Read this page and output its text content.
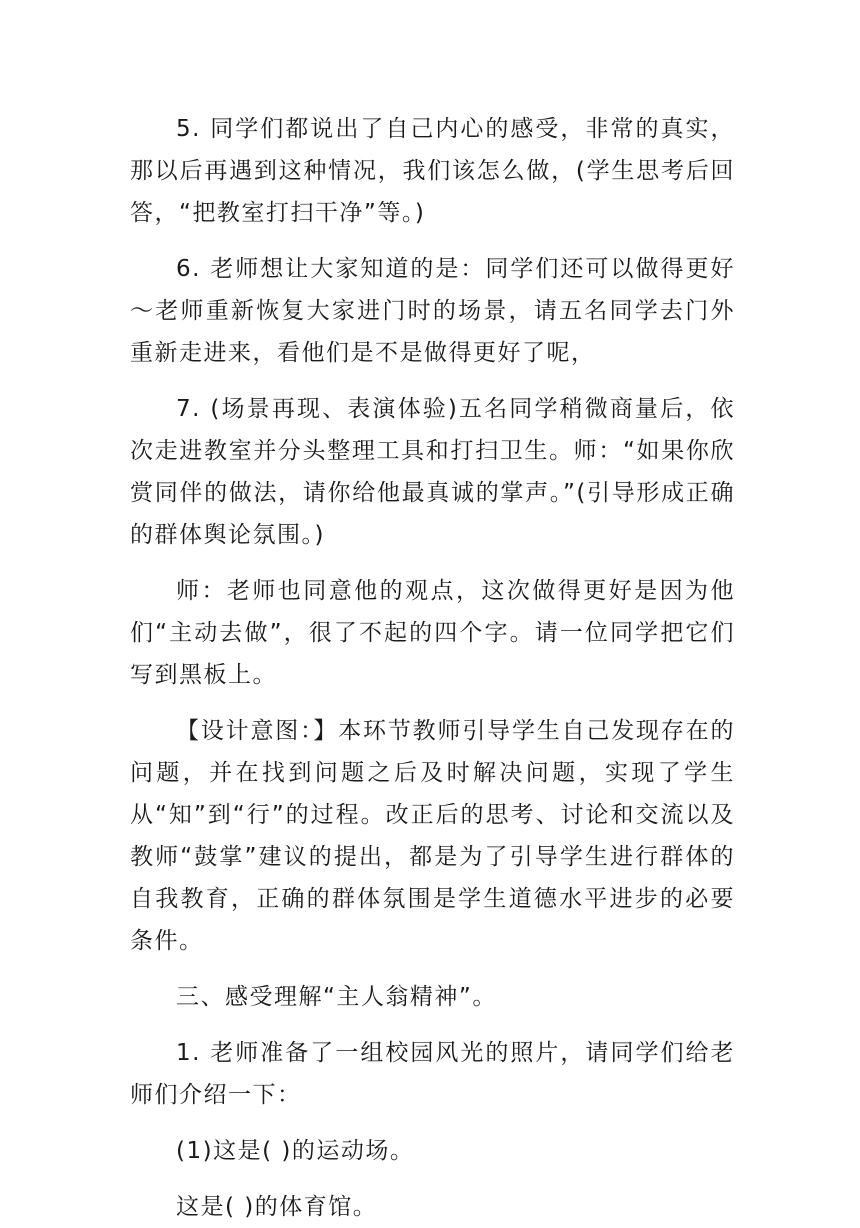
5. 同学们都说出了自己内心的感受，非常的真实，那以后再遇到这种情况，我们该怎么做，(学生思考后回答，“把教室打扫干净”等。)

6. 老师想让大家知道的是：同学们还可以做得更好～老师重新恢复大家进门时的场景，请五名同学去门外重新走进来，看他们是不是做得更好了呢，

7. (场景再现、表演体验)五名同学稍微商量后，依次走进教室并分头整理工具和打扫卫生。师：“如果你欣赏同伴的做法，请你给他最真诚的掌声。”(引导形成正确的群体舆论氛围。)

师：老师也同意他的观点，这次做得更好是因为他们“主动去做”，很了不起的四个字。请一位同学把它们写到黑板上。

【设计意图：】本环节教师引导学生自己发现存在的问题，并在找到问题之后及时解决问题，实现了学生从“知”到“行”的过程。改正后的思考、讨论和交流以及教师“鼓掌”建议的提出，都是为了引导学生进行群体的自我教育，正确的群体氛围是学生道德水平进步的必要条件。

三、感受理解“主人翁精神”。

1. 老师准备了一组校园风光的照片，请同学们给老师们介绍一下：

(1)这是( )的运动场。

这是( )的体育馆。
